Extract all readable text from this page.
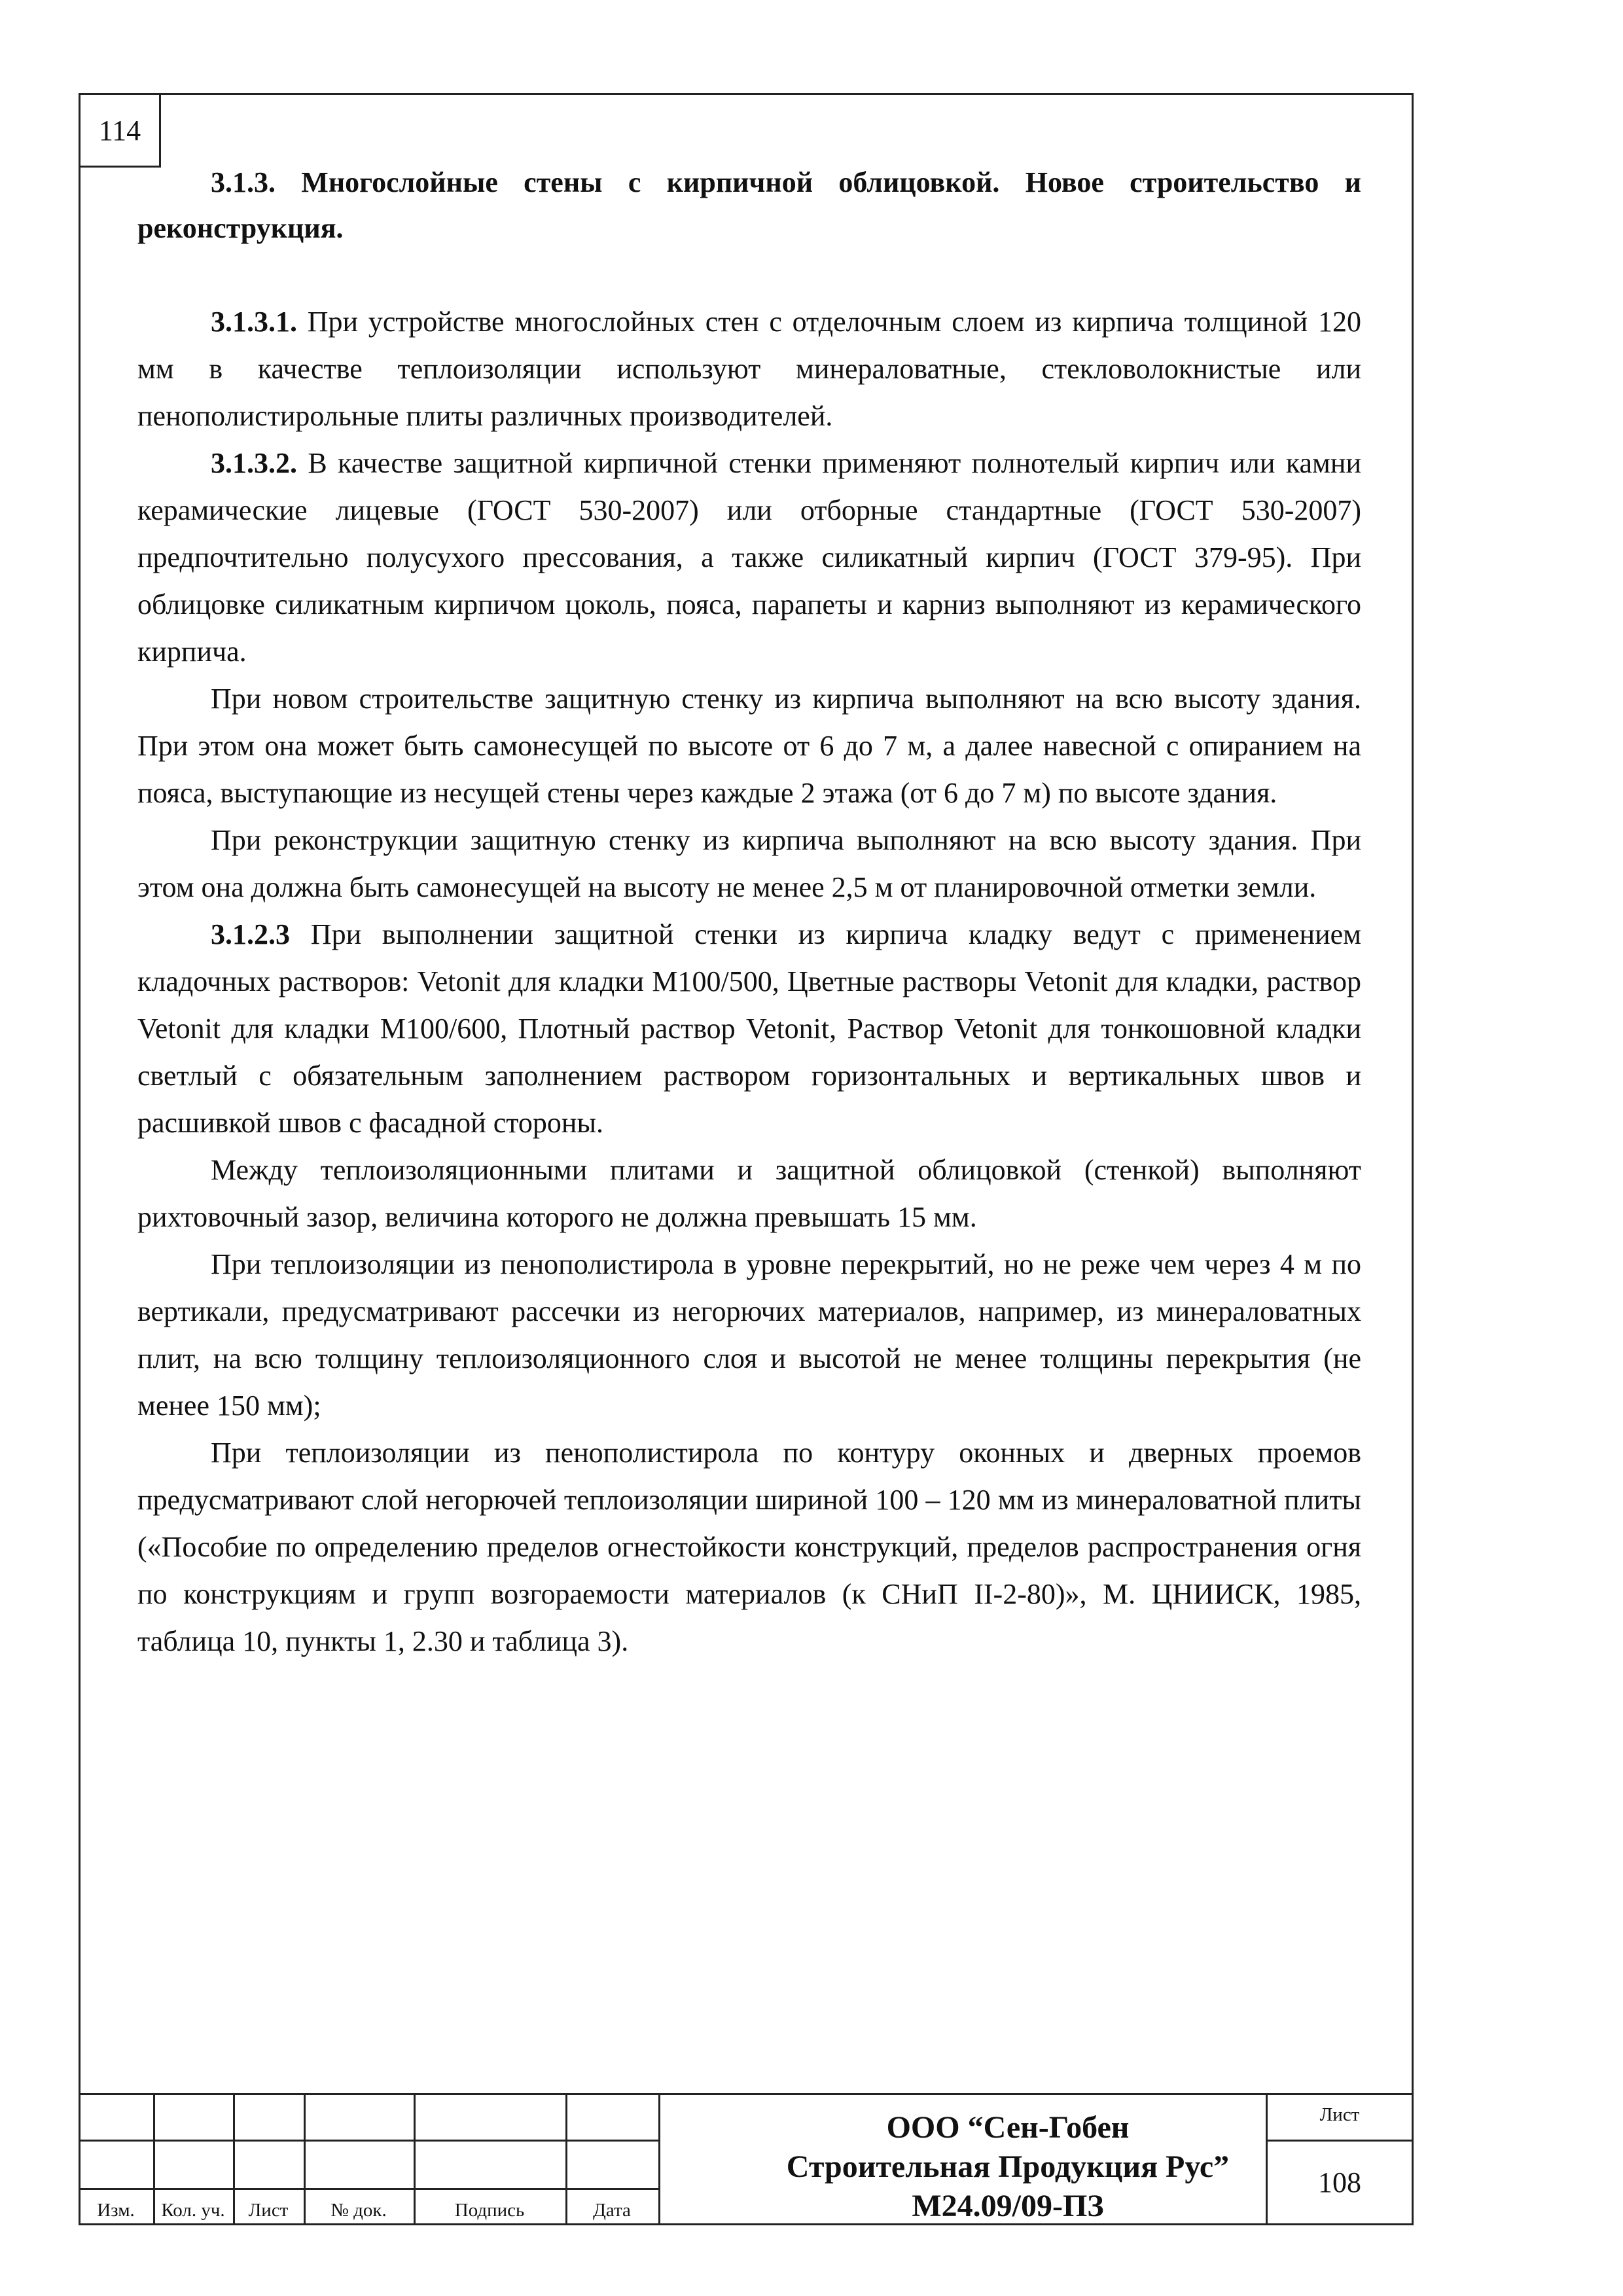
114

3.1.3. Многослойные стены с кирпичной облицовкой. Новое строительство и реконструкция.

3.1.3.1. При устройстве многослойных стен с отделочным слоем из кирпича толщиной 120 мм в качестве теплоизоляции используют минераловатные, стекловолокнистые или пенополистирольные плиты различных производителей.

3.1.3.2. В качестве защитной кирпичной стенки применяют полнотелый кирпич или камни керамические лицевые (ГОСТ 530-2007) или отборные стандартные (ГОСТ 530-2007) предпочтительно полусухого прессования, а также силикатный кирпич (ГОСТ 379-95). При облицовке силикатным кирпичом цоколь, пояса, парапеты и карниз выполняют из керамического кирпича.

При новом строительстве защитную стенку из кирпича выполняют на всю высоту здания. При этом она может быть самонесущей по высоте от 6 до 7 м, а далее навесной с опиранием на пояса, выступающие из несущей стены через каждые 2 этажа (от 6 до 7 м) по высоте здания.

При реконструкции защитную стенку из кирпича выполняют на всю высоту здания. При этом она должна быть самонесущей на высоту не менее 2,5 м от планировочной отметки земли.

3.1.2.3 При выполнении защитной стенки из кирпича кладку ведут с применением кладочных растворов: Vetonit для кладки М100/500, Цветные растворы Vetonit для кладки, раствор Vetonit для кладки М100/600, Плотный раствор Vetonit, Раствор Vetonit для тонкошовной кладки светлый с обязательным заполнением раствором горизонтальных и вертикальных швов и расшивкой швов с фасадной стороны.

Между теплоизоляционными плитами и защитной облицовкой (стенкой) выполняют рихтовочный зазор, величина которого не должна превышать 15 мм.

При теплоизоляции из пенополистирола в уровне перекрытий, но не реже чем через 4 м по вертикали, предусматривают рассечки из негорючих материалов, например, из минераловатных плит, на всю толщину теплоизоляционного слоя и высотой не менее толщины перекрытия (не менее 150 мм);

При теплоизоляции из пенополистирола по контуру оконных и дверных проемов предусматривают слой негорючей теплоизоляции шириной 100 – 120 мм из минераловатной плиты («Пособие по определению пределов огнестойкости конструкций, пределов распространения огня по конструкциям и групп возгораемости материалов (к СНиП II-2-80)», М. ЦНИИСК, 1985, таблица 10, пункты 1, 2.30 и таблица 3).

Изм.	Кол. уч.	Лист	№ док.	Подпись	Дата
ООО “Сен-Гобен
Строительная Продукция Рус”
М24.09/09-ПЗ
Лист
108
